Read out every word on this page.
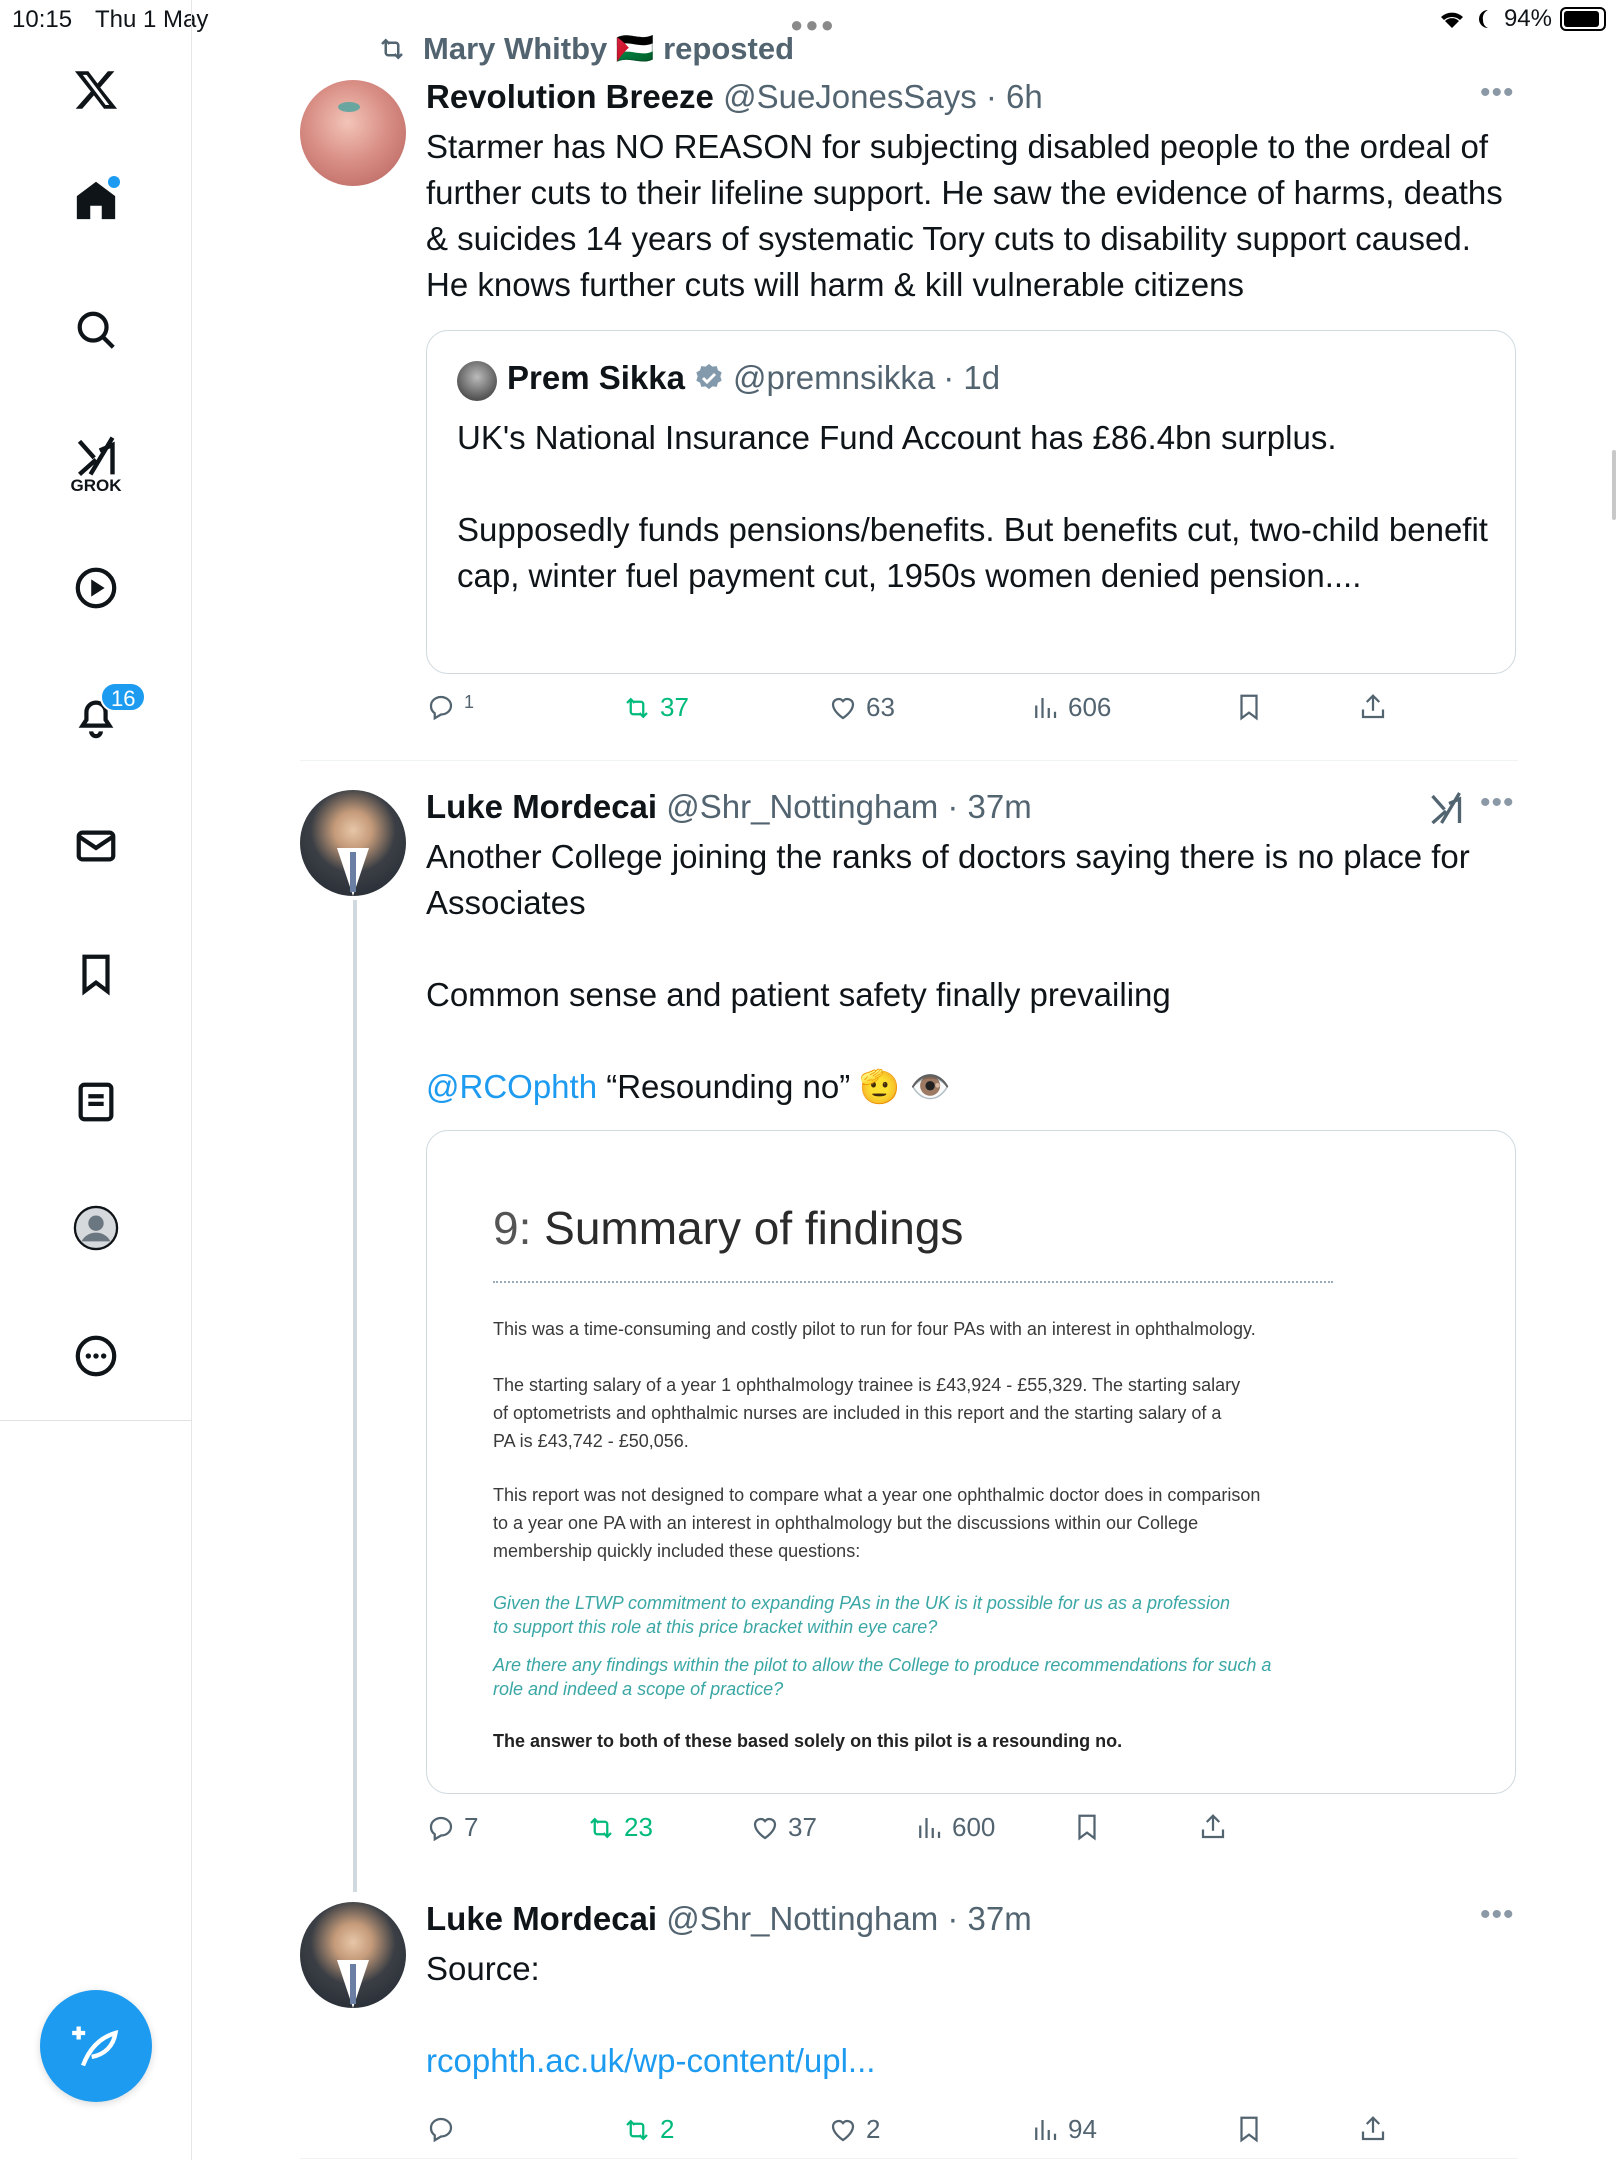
10:15 Thu 1 May	●●●	94%
GROK
16
Mary Whitby 🇵🇸 reposted
Revolution Breeze @SueJonesSays · 6h	•••
Starmer has NO REASON for subjecting disabled people to the ordeal of further cuts to their lifeline support. He saw the evidence of harms, deaths & suicides 14 years of systematic Tory cuts to disability support caused. He knows further cuts will harm & kill vulnerable citizens
Prem Sikka @premnsikka · 1d
UK's National Insurance Fund Account has £86.4bn surplus.
Supposedly funds pensions/benefits. But benefits cut, two-child benefit cap, winter fuel payment cut, 1950s women denied pension....
1	37	63	606
Luke Mordecai @Shr_Nottingham · 37m	•••
Another College joining the ranks of doctors saying there is no place for Associates
Common sense and patient safety finally prevailing
@RCOphth “Resounding no” 🫡 👁️
9: Summary of findings
This was a time-consuming and costly pilot to run for four PAs with an interest in ophthalmology.
The starting salary of a year 1 ophthalmology trainee is £43,924 - £55,329. The starting salary
of optometrists and ophthalmic nurses are included in this report and the starting salary of a
PA is £43,742 - £50,056.
This report was not designed to compare what a year one ophthalmic doctor does in comparison
to a year one PA with an interest in ophthalmology but the discussions within our College
membership quickly included these questions:
Given the LTWP commitment to expanding PAs in the UK is it possible for us as a profession
to support this role at this price bracket within eye care?
Are there any findings within the pilot to allow the College to produce recommendations for such a
role and indeed a scope of practice?
The answer to both of these based solely on this pilot is a resounding no.
7	23	37	600
Luke Mordecai @Shr_Nottingham · 37m	•••
Source:
rcophth.ac.uk/wp-content/upl...
2	2	94
